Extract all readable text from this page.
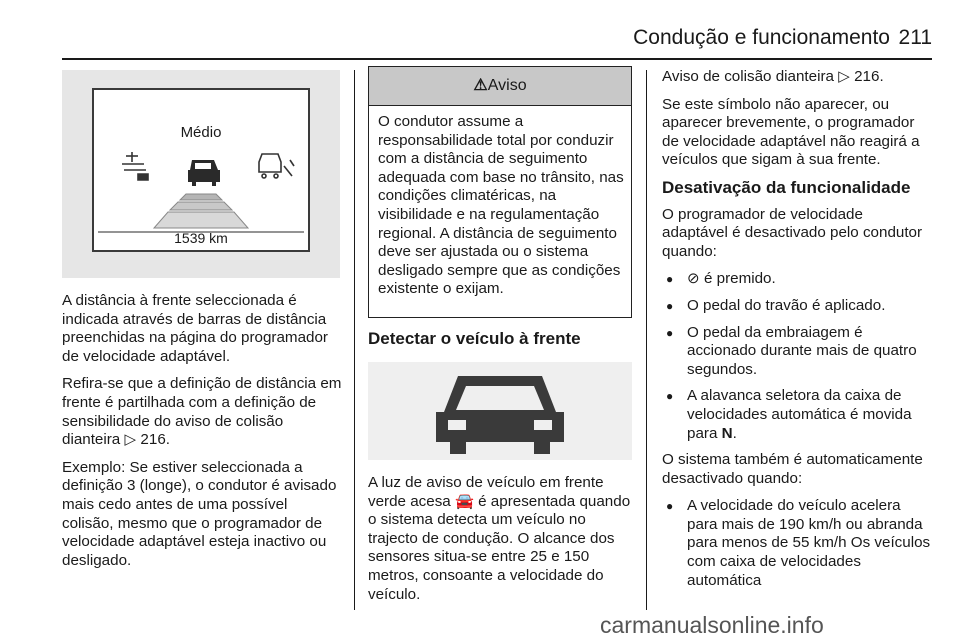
Condução e funcionamento 211
Médio
1539 km

A distância à frente seleccionada é indicada através de barras de distância preenchidas na página do programador de velocidade adaptável.

Refira-se que a definição de distância em frente é partilhada com a definição de sensibilidade do aviso de colisão dianteira ▷ 216.

Exemplo: Se estiver seleccionada a definição 3 (longe), o condutor é avisado mais cedo antes de uma possível colisão, mesmo que o programador de velocidade adaptável esteja inactivo ou desligado.

⚠Aviso
O condutor assume a responsabilidade total por conduzir com a distância de seguimento adequada com base no trânsito, nas condições climatéricas, na visibilidade e na regulamentação regional. A distância de seguimento deve ser ajustada ou o sistema desligado sempre que as condições existente o exijam.
Detectar o veículo à frente

A luz de aviso de veículo em frente verde acesa 🚘 é apresentada quando o sistema detecta um veículo no trajecto de condução. O alcance dos sensores situa-se entre 25 e 150 metros, consoante a velocidade do veículo.

Aviso de colisão dianteira ▷ 216.

Se este símbolo não aparecer, ou aparecer brevemente, o programador de velocidade adaptável não reagirá a veículos que sigam à sua frente.

Desativação da funcionalidade

O programador de velocidade adaptável é desactivado pelo condutor quando:

● ⊘ é premido.
● O pedal do travão é aplicado.
● O pedal da embraiagem é accionado durante mais de quatro segundos.
● A alavanca seletora da caixa de velocidades automática é movida para N.

O sistema também é automaticamente desactivado quando:

● A velocidade do veículo acelera para mais de 190 km/h ou abranda para menos de 55 km/h Os veículos com caixa de velocidades automática
carmanualsonline.info
